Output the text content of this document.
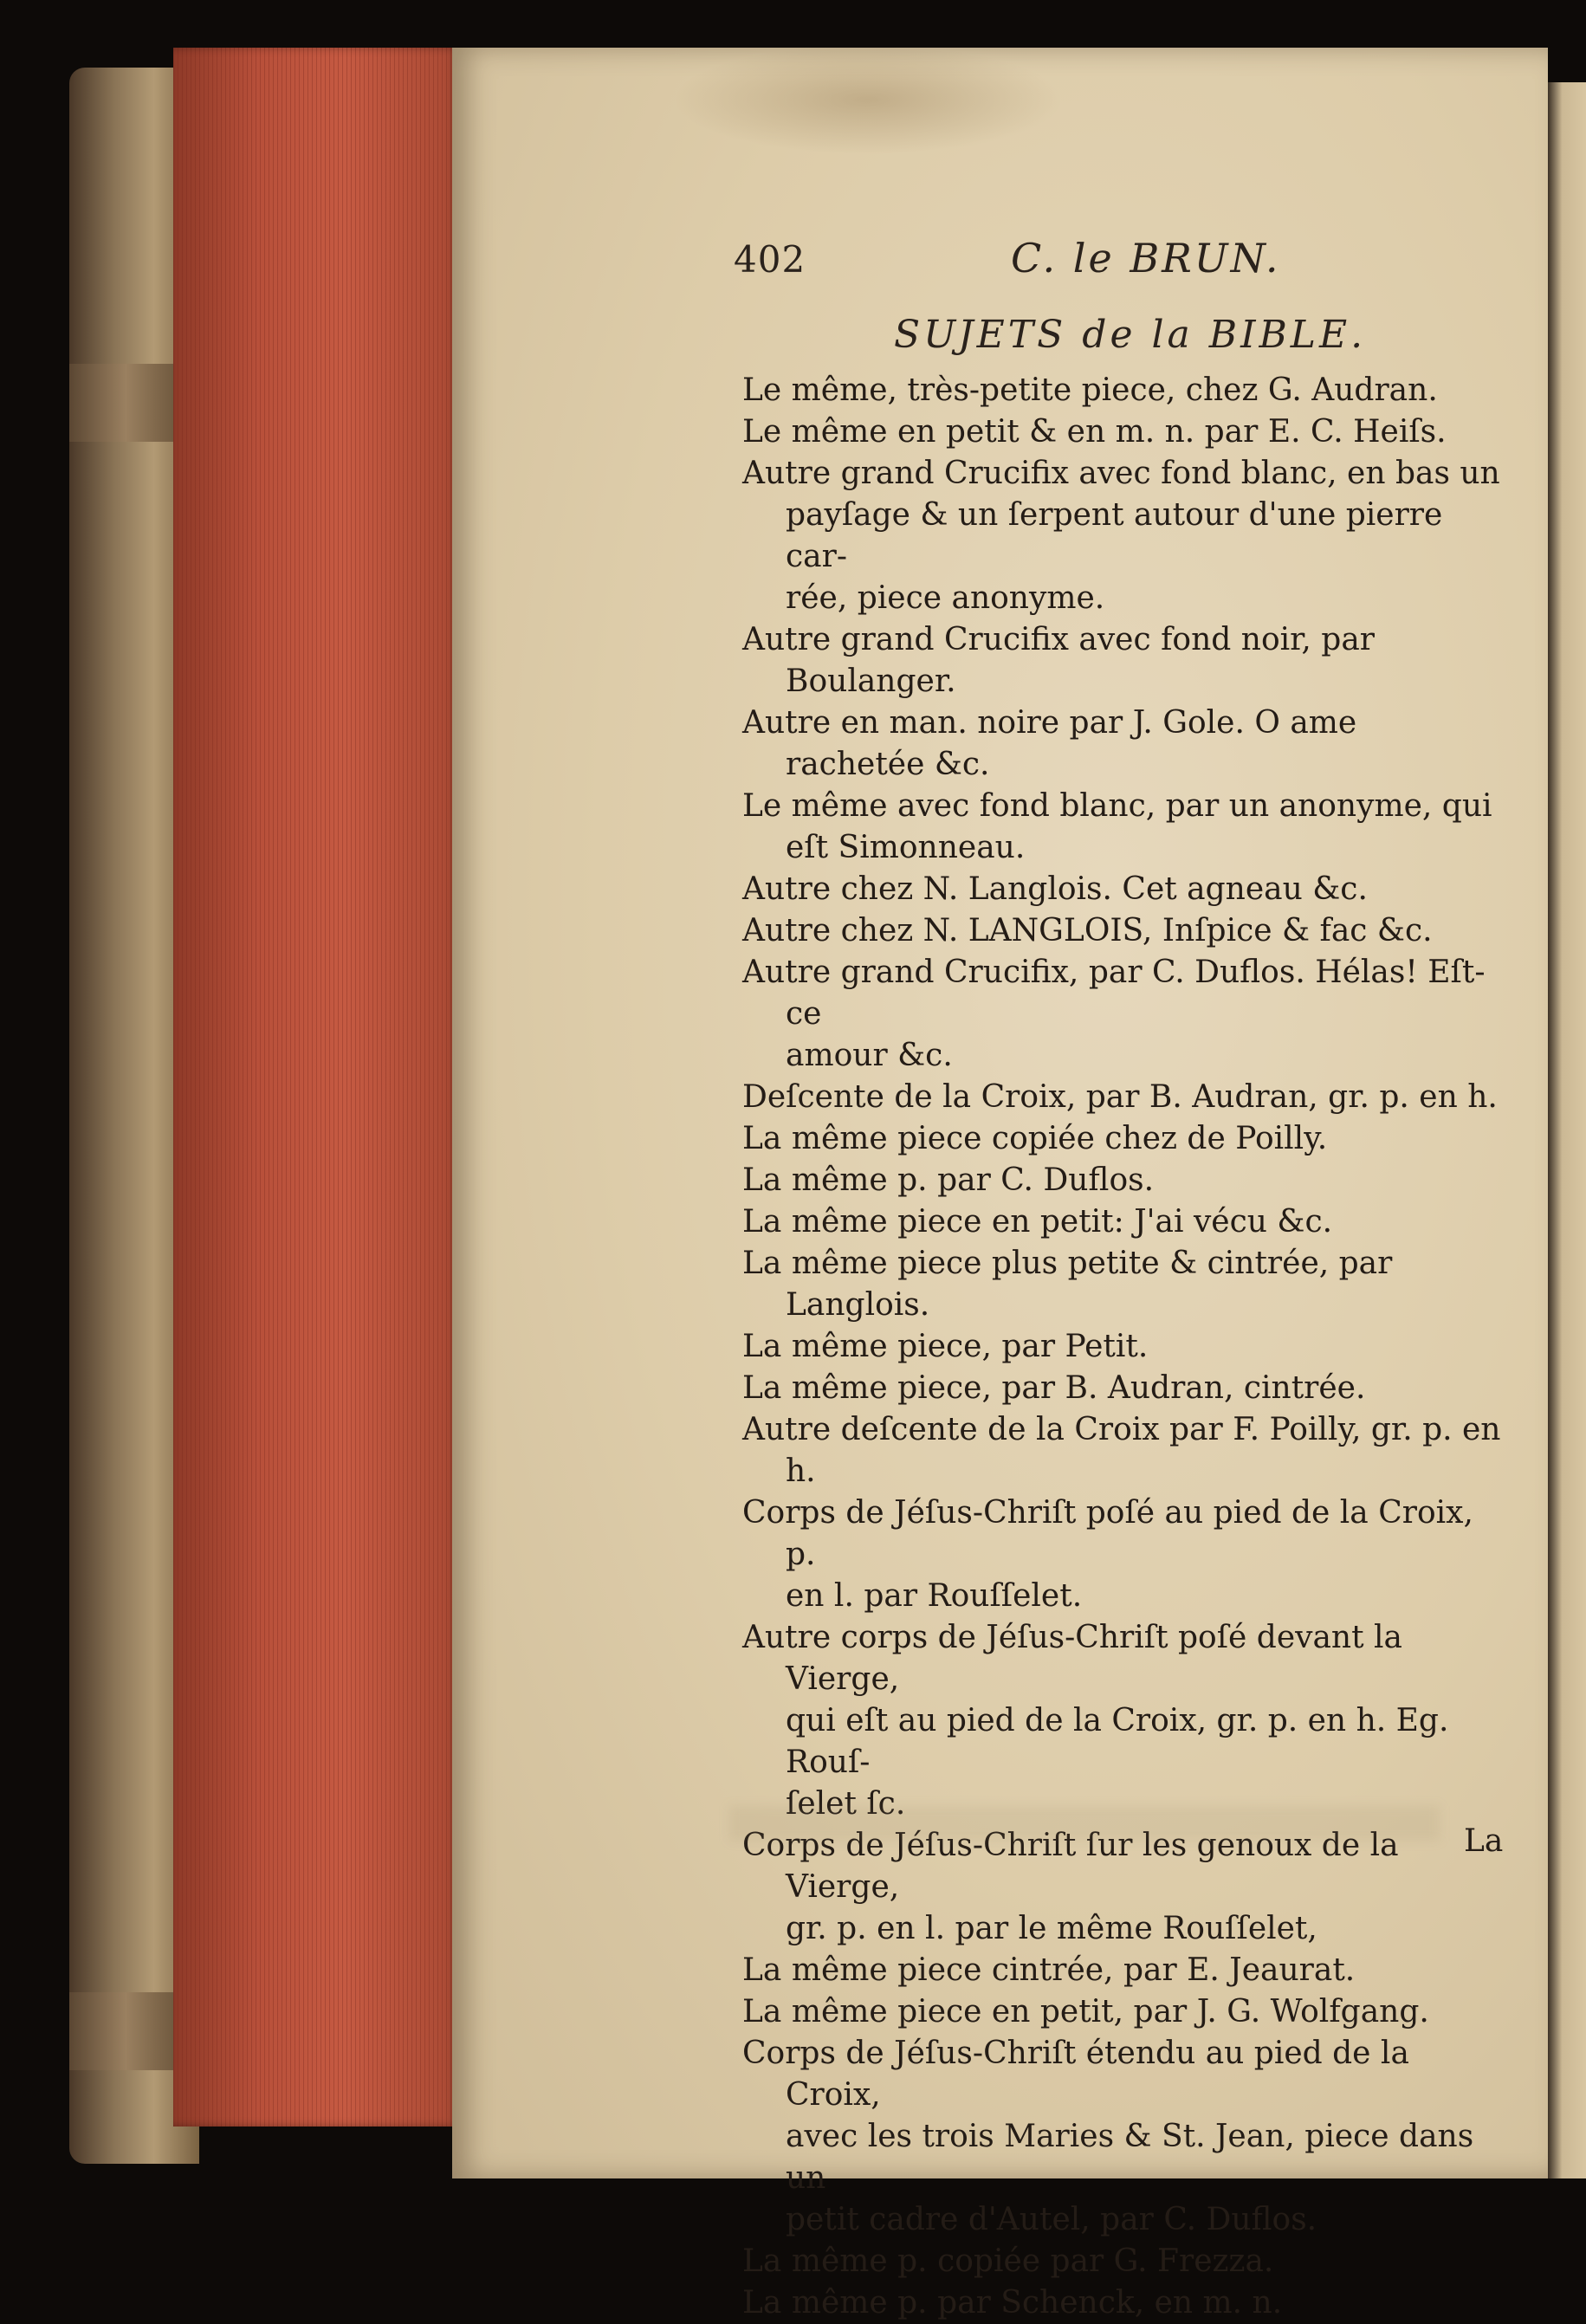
402	C. le BRUN.
SUJETS de la BIBLE.
Le même, très-petite piece, chez G. Audran.
Le même en petit & en m. n. par E. C. Heiſs.
Autre grand Crucifix avec fond blanc, en bas un
payſage & un ſerpent autour d'une pierre car-
rée, piece anonyme.
Autre grand Crucifix avec fond noir, par Boulanger.
Autre en man. noire par J. Gole. O ame rachetée &c.
Le même avec fond blanc, par un anonyme, qui
eſt Simonneau.
Autre chez N. Langlois. Cet agneau &c.
Autre chez N. LANGLOIS, Inſpice & fac &c.
Autre grand Crucifix, par C. Duflos. Hélas! Eſt-ce
amour &c.
Deſcente de la Croix, par B. Audran, gr. p. en h.
La même piece copiée chez de Poilly.
La même p. par C. Duflos.
La même piece en petit: J'ai vécu &c.
La même piece plus petite & cintrée, par Langlois.
La même piece, par Petit.
La même piece, par B. Audran, cintrée.
Autre deſcente de la Croix par F. Poilly, gr. p. en h.
Corps de Jéſus-Chriſt poſé au pied de la Croix, p.
en l. par Rouſſelet.
Autre corps de Jéſus-Chriſt poſé devant la Vierge,
qui eſt au pied de la Croix, gr. p. en h. Eg. Rouſ-
ſelet ſc.
Corps de Jéſus-Chriſt ſur les genoux de la Vierge,
gr. p. en l. par le même Rouſſelet,
La même piece cintrée, par E. Jeaurat.
La même piece en petit, par J. G. Wolfgang.
Corps de Jéſus-Chriſt étendu au pied de la Croix,
avec les trois Maries & St. Jean, piece dans un
petit cadre d'Autel, par C. Duflos.
La même p. copiée par G. Frezza.
La même p. par Schenck, en m. n.
La
